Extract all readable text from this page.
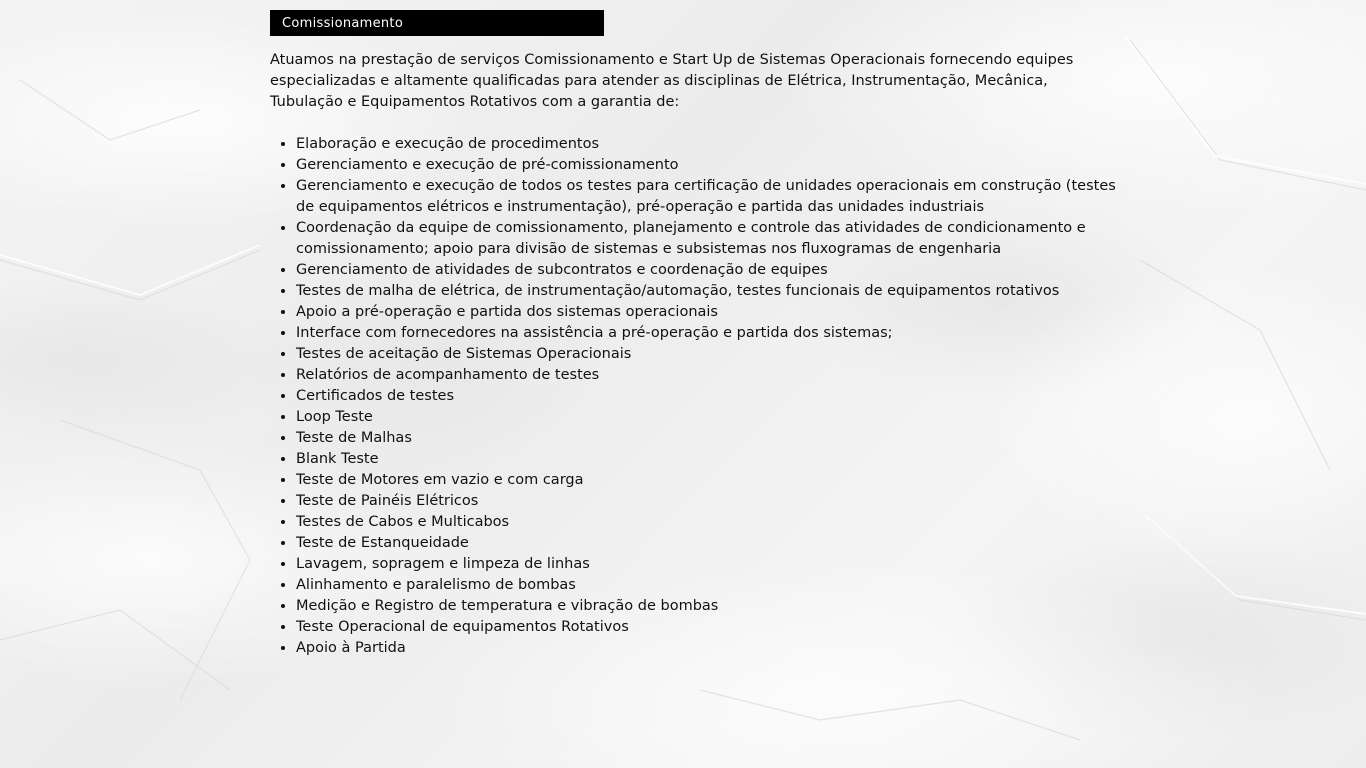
Comissionamento

Atuamos na prestação de serviços Comissionamento e Start Up de Sistemas Operacionais fornecendo equipes especializadas e altamente qualificadas para atender as disciplinas de Elétrica, Instrumentação, Mecânica, Tubulação e Equipamentos Rotativos com a garantia de:

• Elaboração e execução de procedimentos
• Gerenciamento e execução de pré-comissionamento
• Gerenciamento e execução de todos os testes para certificação de unidades operacionais em construção (testes de equipamentos elétricos e instrumentação), pré-operação e partida das unidades industriais
• Coordenação da equipe de comissionamento, planejamento e controle das atividades de condicionamento e comissionamento; apoio para divisão de sistemas e subsistemas nos fluxogramas de engenharia
• Gerenciamento de atividades de subcontratos e coordenação de equipes
• Testes de malha de elétrica, de instrumentação/automação, testes funcionais de equipamentos rotativos
• Apoio a pré-operação e partida dos sistemas operacionais
• Interface com fornecedores na assistência a pré-operação e partida dos sistemas;
• Testes de aceitação de Sistemas Operacionais
• Relatórios de acompanhamento de testes
• Certificados de testes
• Loop Teste
• Teste de Malhas
• Blank Teste
• Teste de Motores em vazio e com carga
• Teste de Painéis Elétricos
• Testes de Cabos e Multicabos
• Teste de Estanqueidade
• Lavagem, sopragem e limpeza de linhas
• Alinhamento e paralelismo de bombas
• Medição e Registro de temperatura e vibração de bombas
• Teste Operacional de equipamentos Rotativos
• Apoio à Partida
